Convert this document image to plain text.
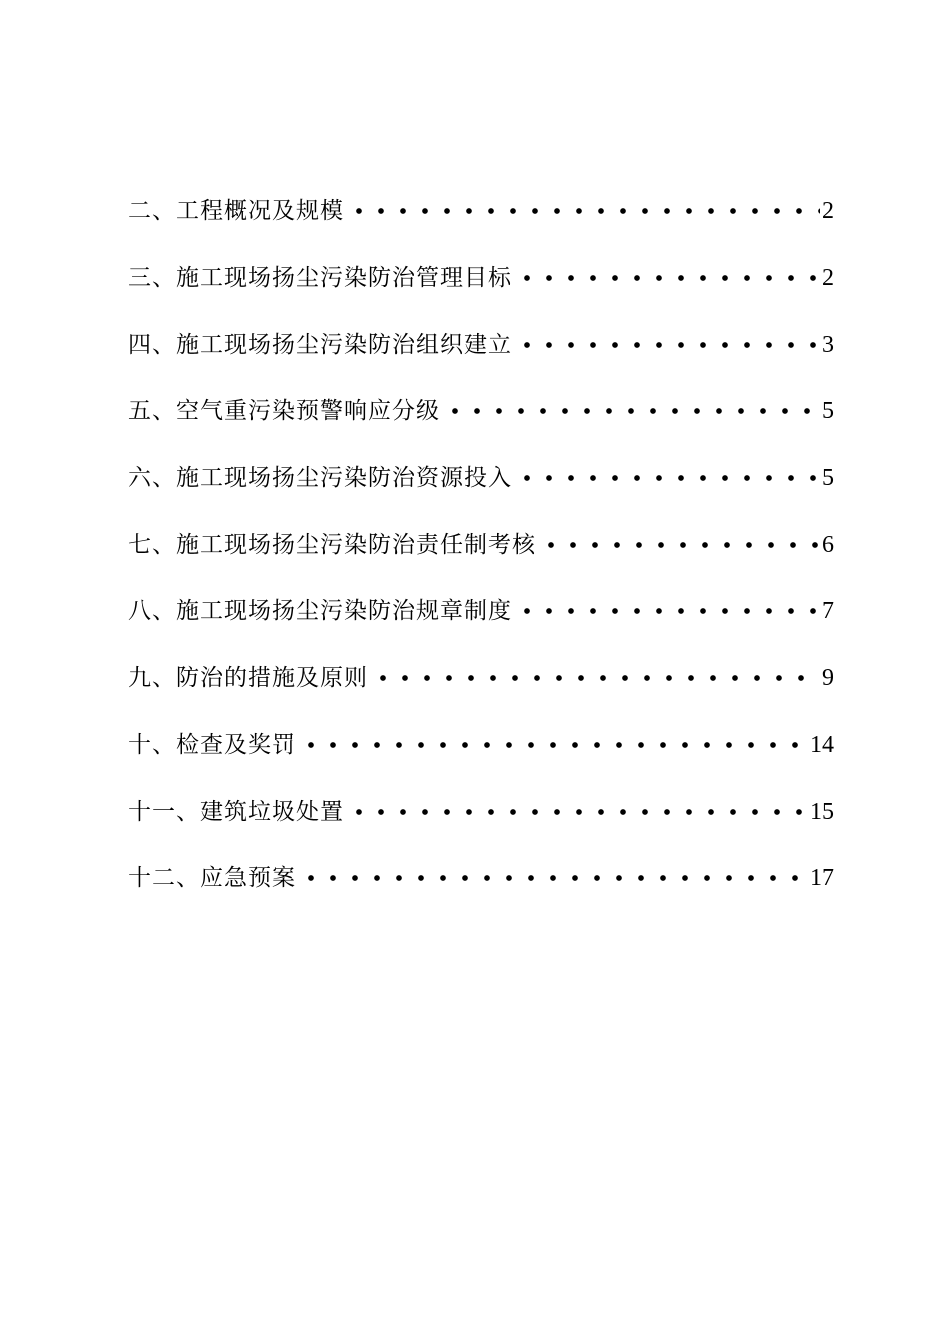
二、工程概况及规模	2
三、施工现场扬尘污染防治管理目标	2
四、施工现场扬尘污染防治组织建立	3
五、空气重污染预警响应分级	5
六、施工现场扬尘污染防治资源投入	5
七、施工现场扬尘污染防治责任制考核	6
八、施工现场扬尘污染防治规章制度	7
九、防治的措施及原则	9
十、检查及奖罚	14
十一、建筑垃圾处置	15
十二、应急预案	17
